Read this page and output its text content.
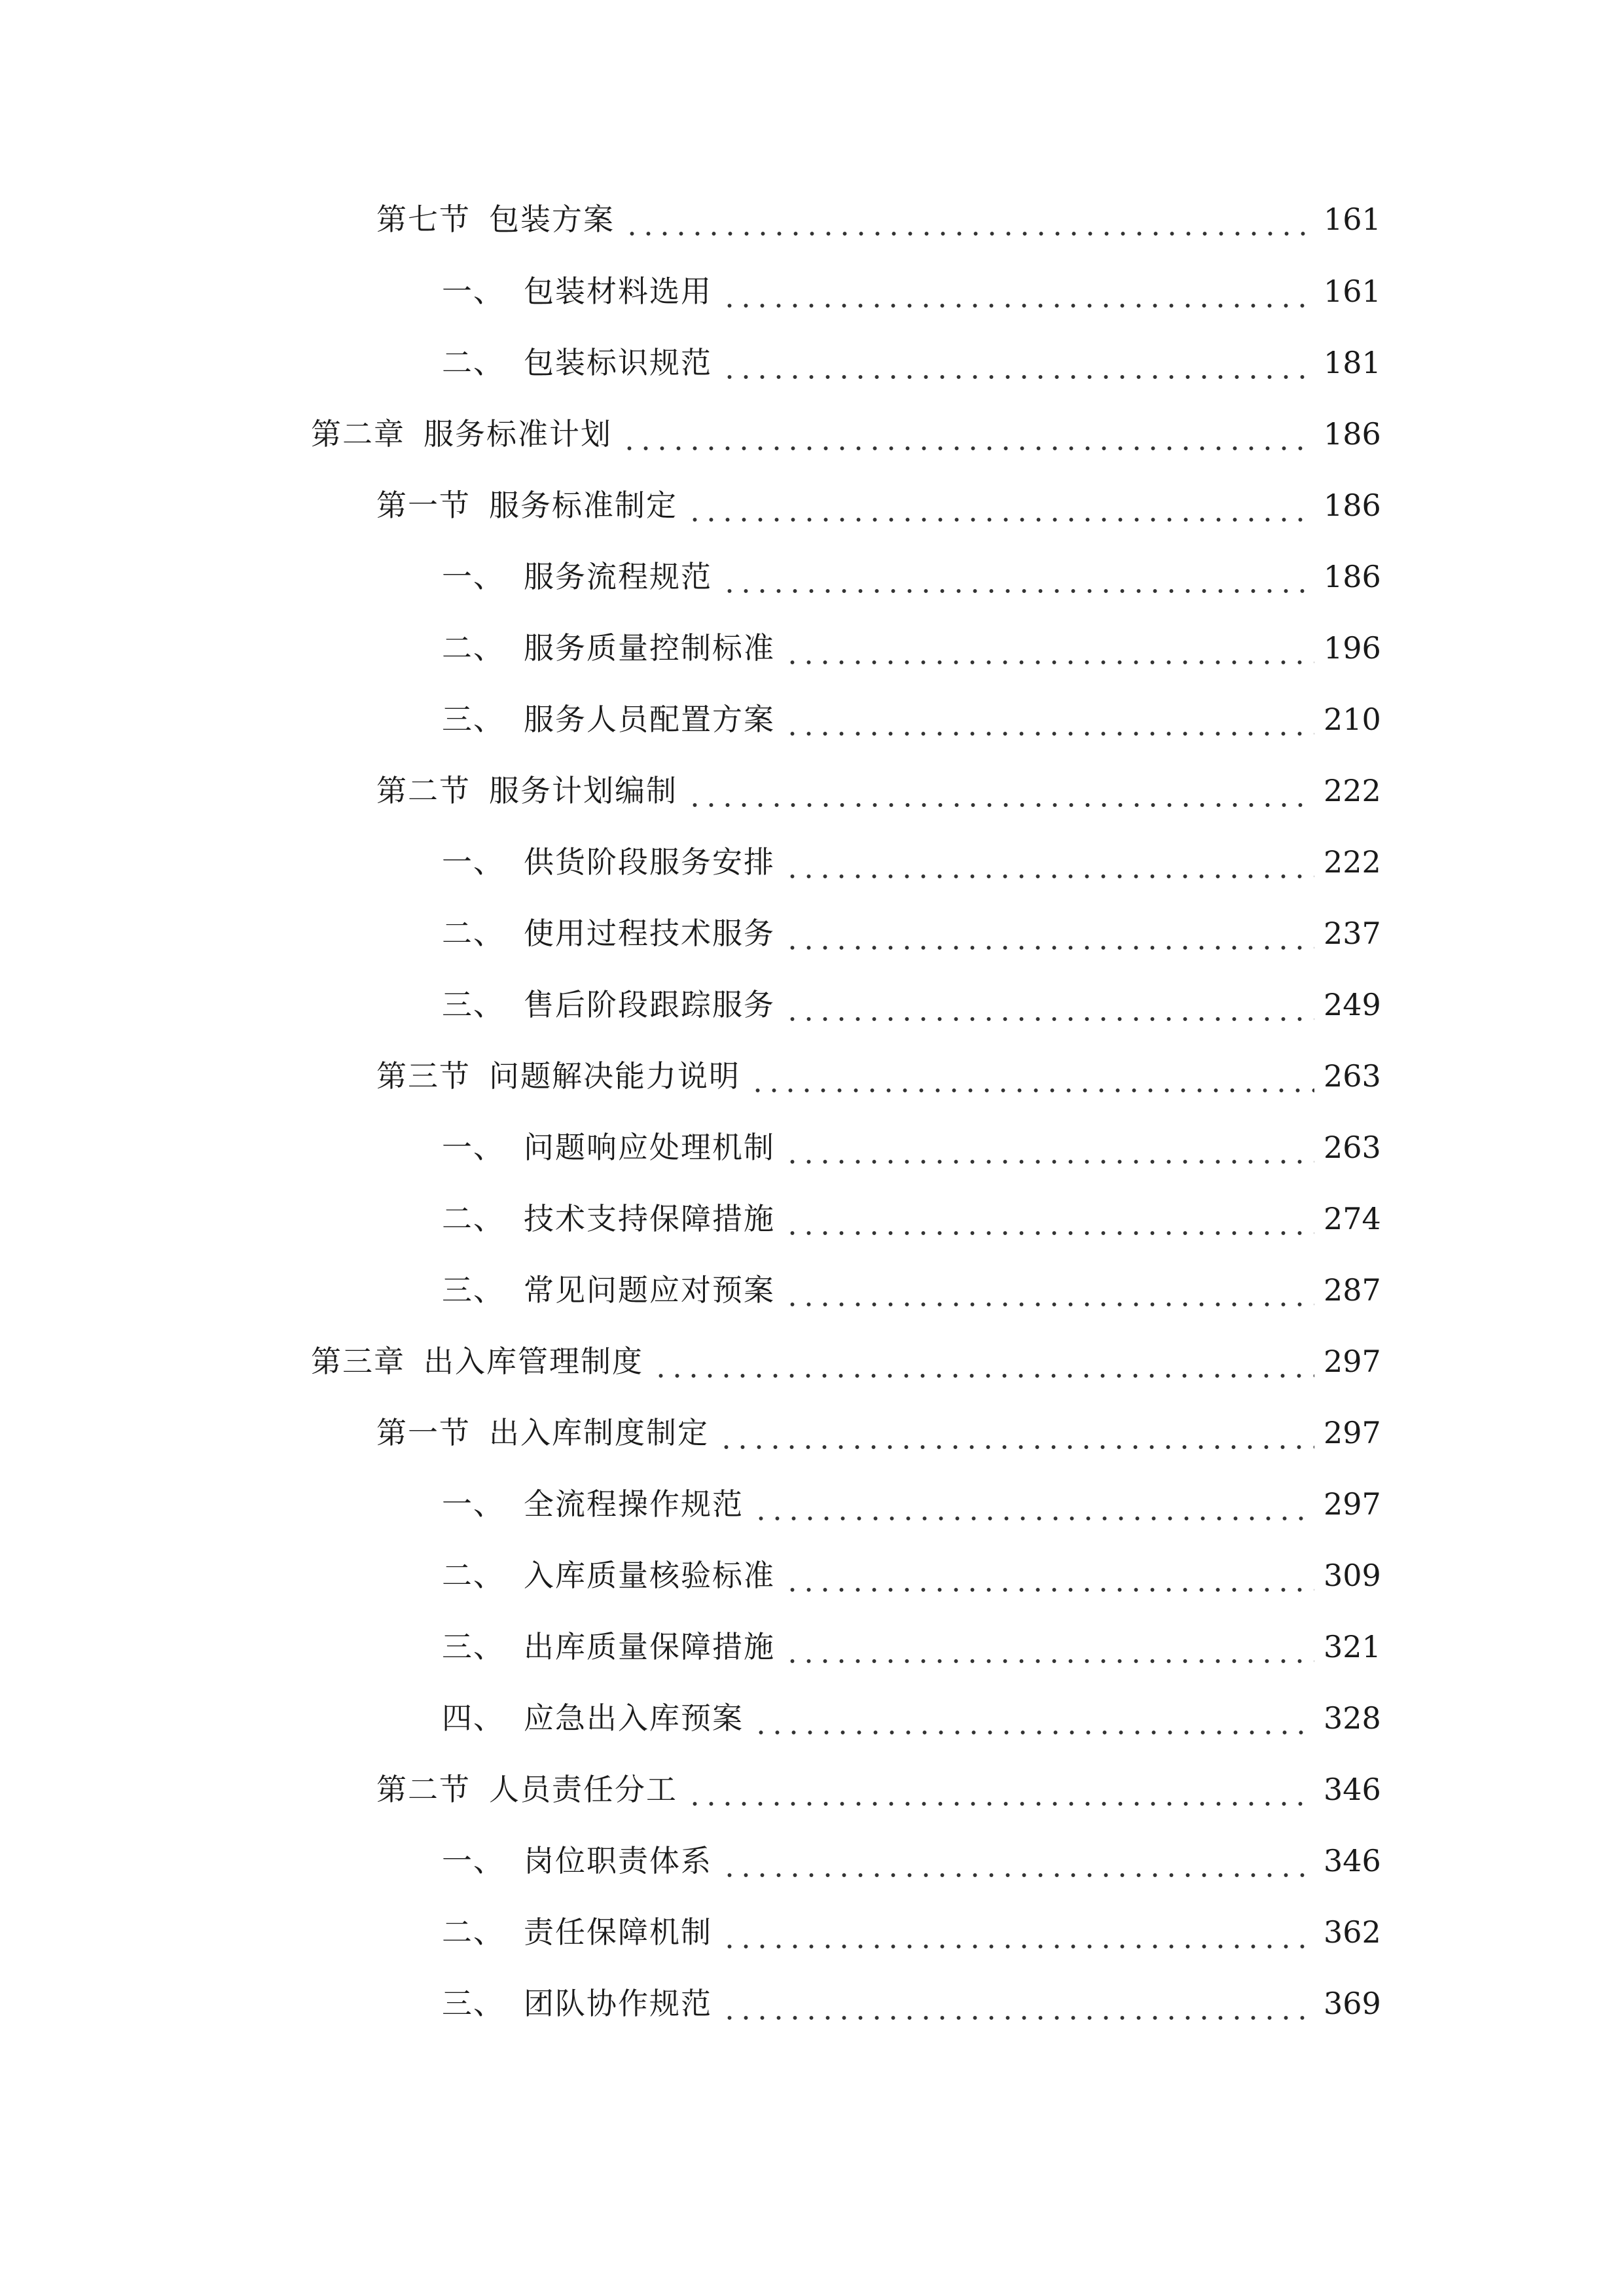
第七节 包装方案	161
一、 包装材料选用	161
二、 包装标识规范	181
第二章 服务标准计划	186
第一节 服务标准制定	186
一、 服务流程规范	186
二、 服务质量控制标准	196
三、 服务人员配置方案	210
第二节 服务计划编制	222
一、 供货阶段服务安排	222
二、 使用过程技术服务	237
三、 售后阶段跟踪服务	249
第三节 问题解决能力说明	263
一、 问题响应处理机制	263
二、 技术支持保障措施	274
三、 常见问题应对预案	287
第三章 出入库管理制度	297
第一节 出入库制度制定	297
一、 全流程操作规范	297
二、 入库质量核验标准	309
三、 出库质量保障措施	321
四、 应急出入库预案	328
第二节 人员责任分工	346
一、 岗位职责体系	346
二、 责任保障机制	362
三、 团队协作规范	369
